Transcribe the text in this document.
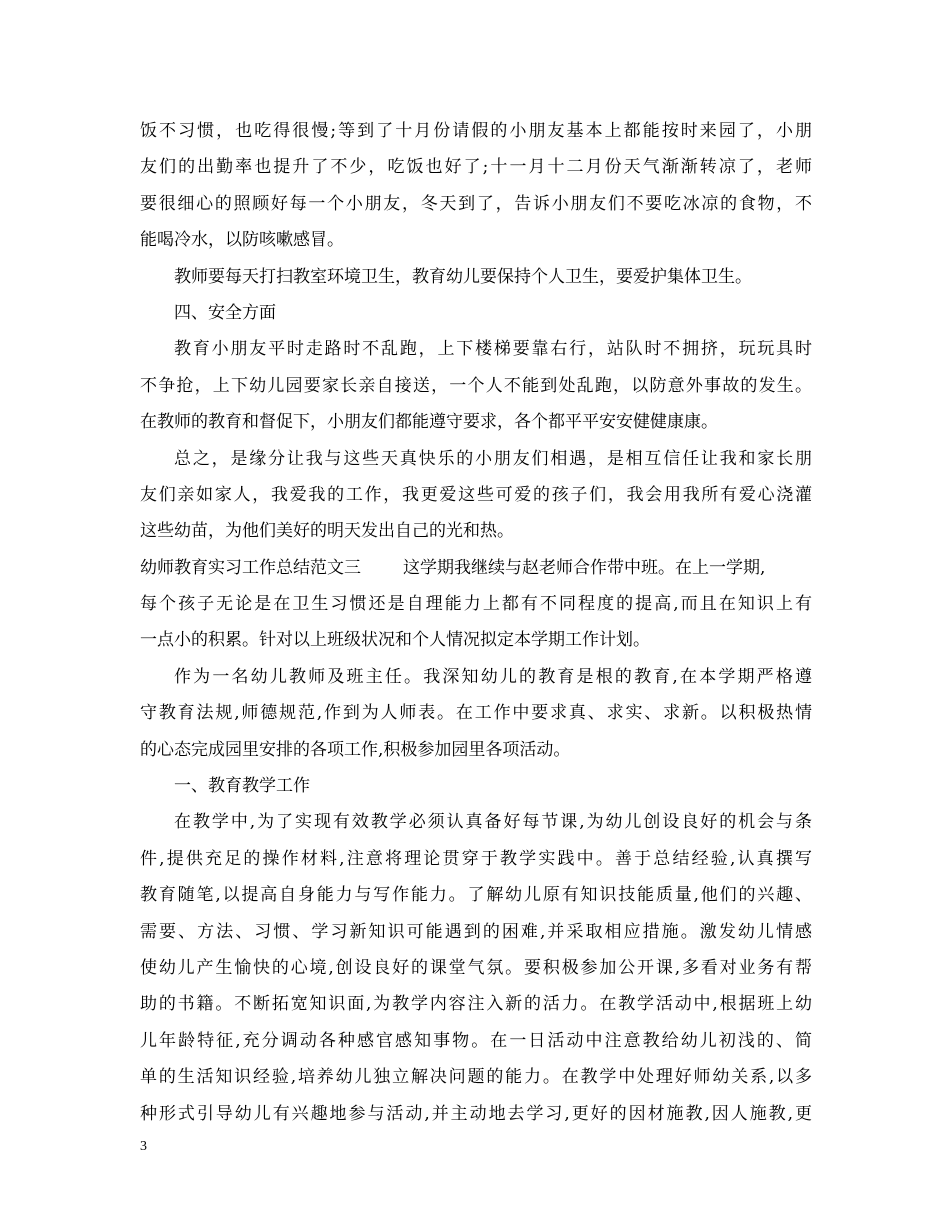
饭不习惯，也吃得很慢;等到了十月份请假的小朋友基本上都能按时来园了，小朋
友们的出勤率也提升了不少，吃饭也好了;十一月十二月份天气渐渐转凉了，老师
要很细心的照顾好每一个小朋友，冬天到了，告诉小朋友们不要吃冰凉的食物，不
能喝冷水，以防咳嗽感冒。
教师要每天打扫教室环境卫生，教育幼儿要保持个人卫生，要爱护集体卫生。
四、安全方面
教育小朋友平时走路时不乱跑，上下楼梯要靠右行，站队时不拥挤，玩玩具时
不争抢，上下幼儿园要家长亲自接送，一个人不能到处乱跑，以防意外事故的发生。
在教师的教育和督促下，小朋友们都能遵守要求，各个都平平安安健健康康。
总之，是缘分让我与这些天真快乐的小朋友们相遇，是相互信任让我和家长朋
友们亲如家人，我爱我的工作，我更爱这些可爱的孩子们，我会用我所有爱心浇灌
这些幼苗，为他们美好的明天发出自己的光和热。
幼师教育实习工作总结范文三 这学期我继续与赵老师合作带中班。在上一学期,
每个孩子无论是在卫生习惯还是自理能力上都有不同程度的提高,而且在知识上有
一点小的积累。针对以上班级状况和个人情况拟定本学期工作计划。
作为一名幼儿教师及班主任。我深知幼儿的教育是根的教育,在本学期严格遵
守教育法规,师德规范,作到为人师表。在工作中要求真、求实、求新。以积极热情
的心态完成园里安排的各项工作,积极参加园里各项活动。
一、教育教学工作
在教学中,为了实现有效教学必须认真备好每节课,为幼儿创设良好的机会与条
件,提供充足的操作材料,注意将理论贯穿于教学实践中。善于总结经验,认真撰写
教育随笔,以提高自身能力与写作能力。了解幼儿原有知识技能质量,他们的兴趣、
需要、方法、习惯、学习新知识可能遇到的困难,并采取相应措施。激发幼儿情感
使幼儿产生愉快的心境,创设良好的课堂气氛。要积极参加公开课,多看对业务有帮
助的书籍。不断拓宽知识面,为教学内容注入新的活力。在教学活动中,根据班上幼
儿年龄特征,充分调动各种感官感知事物。在一日活动中注意教给幼儿初浅的、简
单的生活知识经验,培养幼儿独立解决问题的能力。在教学中处理好师幼关系,以多
种形式引导幼儿有兴趣地参与活动,并主动地去学习,更好的因材施教,因人施教,更
3
